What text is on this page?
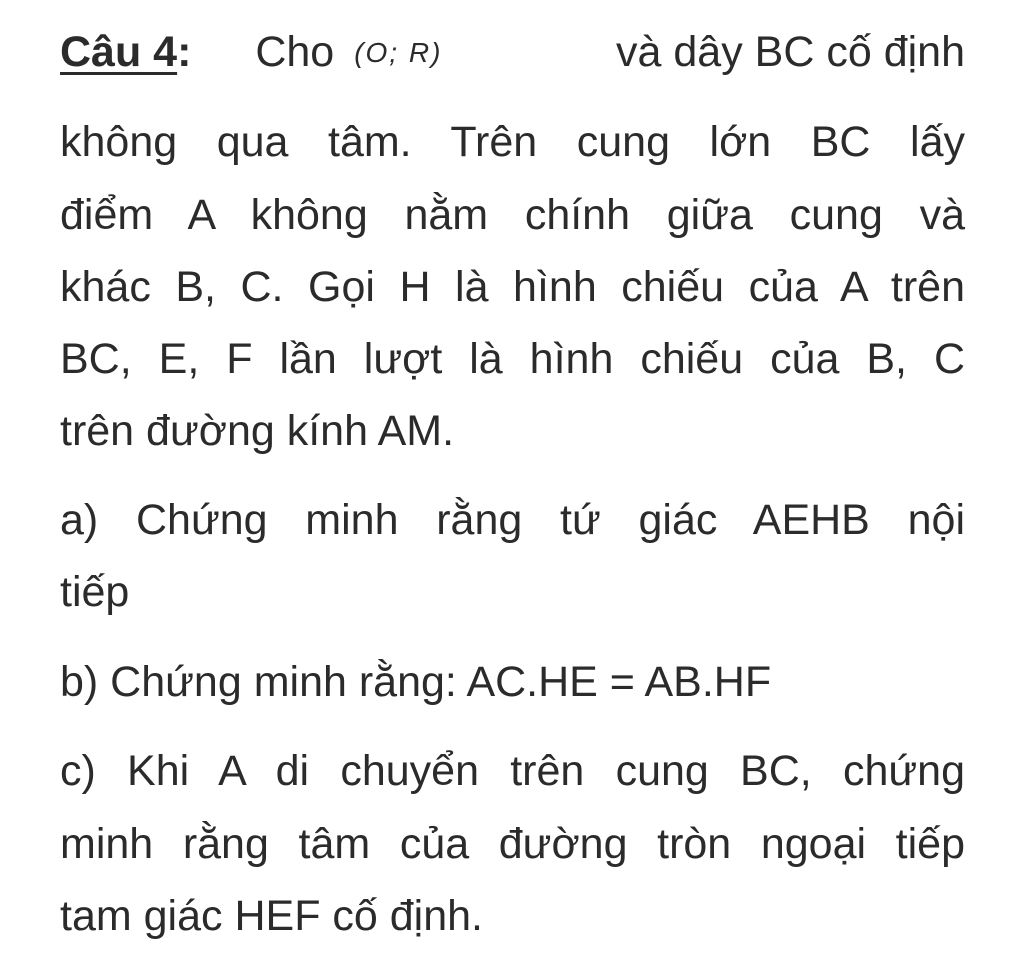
Câu 4: Cho (O; R)	và dây BC cố định
không qua tâm. Trên cung lớn BC lấy
điểm A không nằm chính giữa cung và
khác B, C. Gọi H là hình chiếu của A trên
BC, E, F lần lượt là hình chiếu của B, C
trên đường kính AM.
a) Chứng minh rằng tứ giác AEHB nội
tiếp
b) Chứng minh rằng: AC.HE = AB.HF
c) Khi A di chuyển trên cung BC, chứng
minh rằng tâm của đường tròn ngoại tiếp
tam giác HEF cố định.
